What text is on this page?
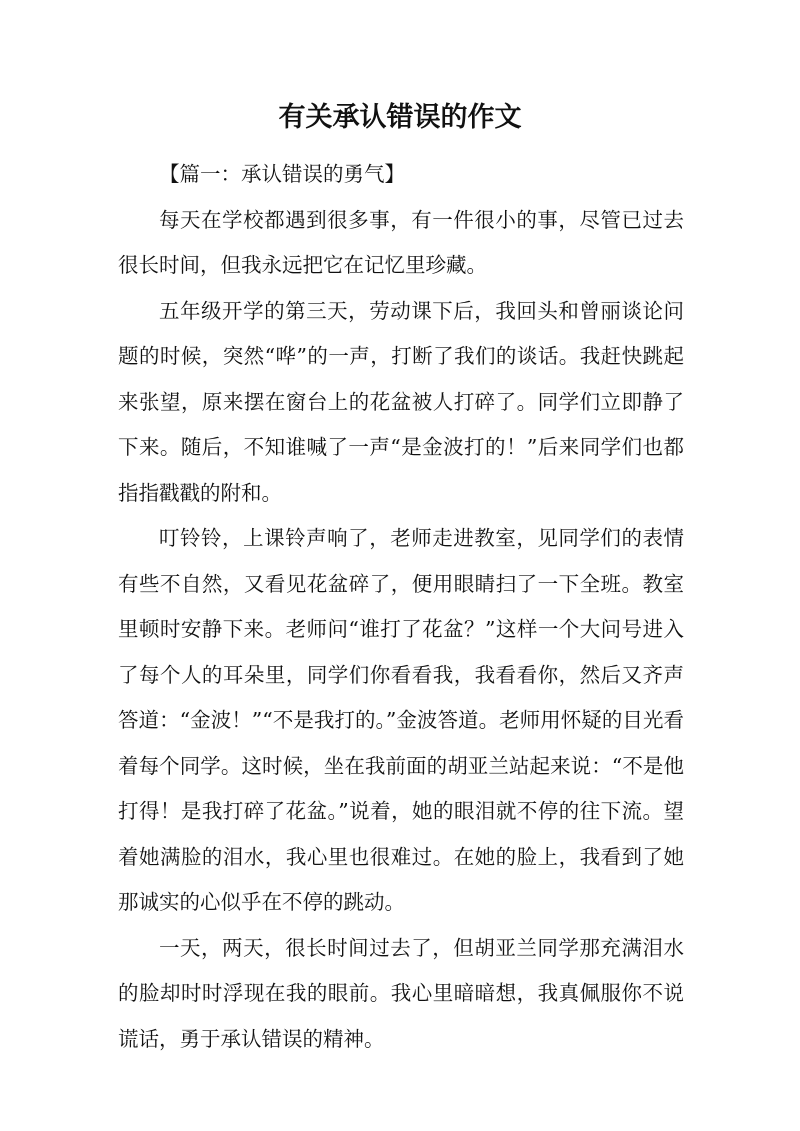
有关承认错误的作文

【篇一：承认错误的勇气】

每天在学校都遇到很多事，有一件很小的事，尽管已过去很长时间，但我永远把它在记忆里珍藏。

五年级开学的第三天，劳动课下后，我回头和曾丽谈论问题的时候，突然“哗”的一声，打断了我们的谈话。我赶快跳起来张望，原来摆在窗台上的花盆被人打碎了。同学们立即静了下来。随后，不知谁喊了一声“是金波打的！”后来同学们也都指指戳戳的附和。

叮铃铃，上课铃声响了，老师走进教室，见同学们的表情有些不自然，又看见花盆碎了，便用眼睛扫了一下全班。教室里顿时安静下来。老师问“谁打了花盆？”这样一个大问号进入了每个人的耳朵里，同学们你看看我，我看看你，然后又齐声答道：“金波！”“不是我打的。”金波答道。老师用怀疑的目光看着每个同学。这时候，坐在我前面的胡亚兰站起来说：“不是他打得！是我打碎了花盆。”说着，她的眼泪就不停的往下流。望着她满脸的泪水，我心里也很难过。在她的脸上，我看到了她那诚实的心似乎在不停的跳动。

一天，两天，很长时间过去了，但胡亚兰同学那充满泪水的脸却时时浮现在我的眼前。我心里暗暗想，我真佩服你不说谎话，勇于承认错误的精神。
